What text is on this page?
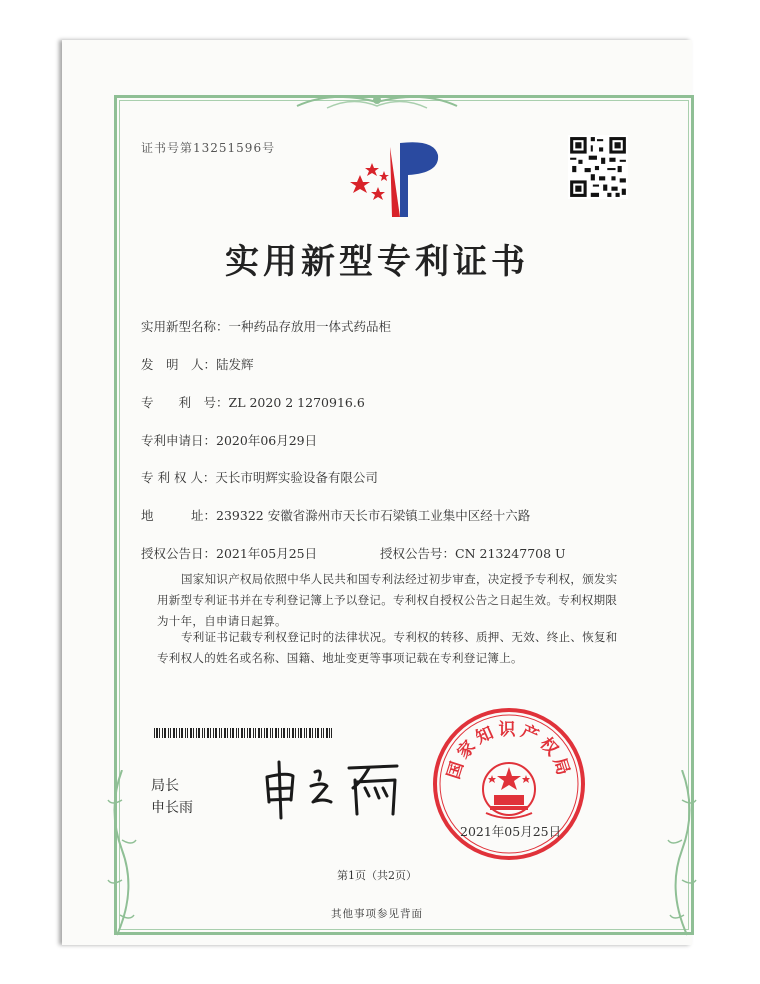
证书号第13251596号
实用新型专利证书
实用新型名称：一种药品存放用一体式药品柜
发　明　人：陆发辉
专　　利　号：ZL 2020 2 1270916.6
专利申请日：2020年06月29日
专 利 权 人：天长市明辉实验设备有限公司
地　　　址：239322 安徽省滁州市天长市石梁镇工业集中区经十六路
授权公告日：2021年05月25日	授权公告号：CN 213247708 U
国家知识产权局依照中华人民共和国专利法经过初步审查，决定授予专利权，颁发实用新型专利证书并在专利登记簿上予以登记。专利权自授权公告之日起生效。专利权期限为十年，自申请日起算。
专利证书记载专利权登记时的法律状况。专利权的转移、质押、无效、终止、恢复和专利权人的姓名或名称、国籍、地址变更等事项记载在专利登记簿上。
局长
申长雨
国家知识产权局
2021年05月25日
第1页（共2页）
其他事项参见背面
